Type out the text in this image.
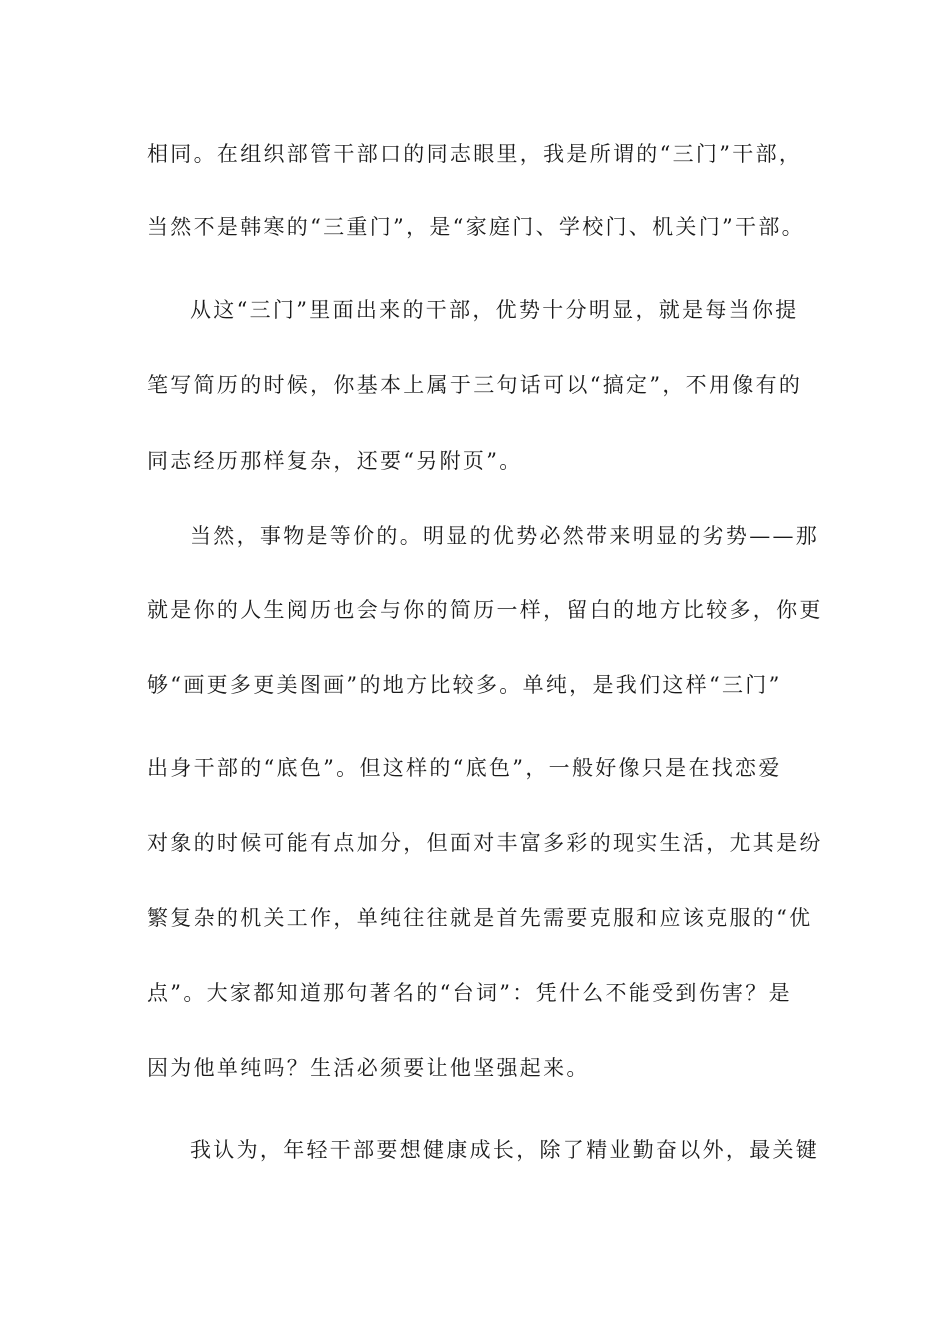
相同。在组织部管干部口的同志眼里，我是所谓的“三门”干部，
当然不是韩寒的“三重门”，是“家庭门、学校门、机关门”干部。
从这“三门”里面出来的干部，优势十分明显，就是每当你提
笔写简历的时候，你基本上属于三句话可以“搞定”，不用像有的
同志经历那样复杂，还要“另附页”。
当然，事物是等价的。明显的优势必然带来明显的劣势——那
就是你的人生阅历也会与你的简历一样，留白的地方比较多，你更
够“画更多更美图画”的地方比较多。单纯，是我们这样“三门”
出身干部的“底色”。但这样的“底色”，一般好像只是在找恋爱
对象的时候可能有点加分，但面对丰富多彩的现实生活，尤其是纷
繁复杂的机关工作，单纯往往就是首先需要克服和应该克服的“优
点”。大家都知道那句著名的“台词”：凭什么不能受到伤害？是
因为他单纯吗？生活必须要让他坚强起来。
我认为，年轻干部要想健康成长，除了精业勤奋以外，最关键
